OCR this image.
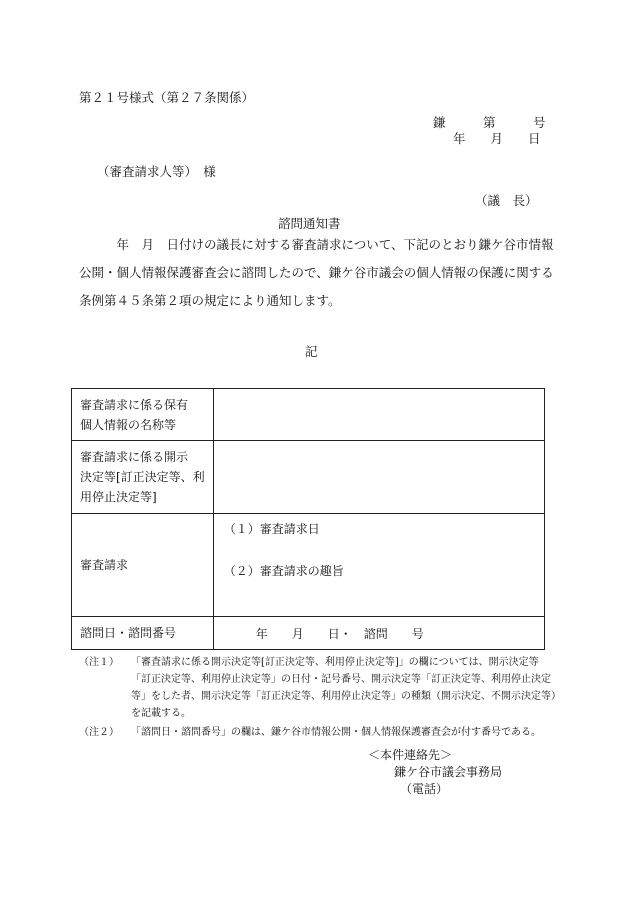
第２１号様式（第２７条関係）
鎌　　　第　　　号
年　　月　　日
（審査請求人等）　様
（議　長）
諮問通知書
　　　年　月　日付けの議長に対する審査請求について、下記のとおり鎌ケ谷市情報
公開・個人情報保護審査会に諮問したので、鎌ケ谷市議会の個人情報の保護に関する
条例第４５条第２項の規定により通知します。
記
審査請求に係る保有
個人情報の名称等	

審査請求に係る開示
決定等[訂正決定等、利
用停止決定等]	

審査請求	（１）審査請求日
（２）審査請求の趣旨

諮問日・諮問番号	年　　月　　日・　諮問　　号
（注１）	「審査請求に係る開示決定等[訂正決定等、利用停止決定等]」の欄については、開示決定等
「訂正決定等、利用停止決定等」の日付・記号番号、開示決定等「訂正決定等、利用停止決定
等」をした者、開示決定等「訂正決定等、利用停止決定等」の種類（開示決定、不開示決定等）
を記載する。
（注２）	「諮問日・諮問番号」の欄は、鎌ケ谷市情報公開・個人情報保護審査会が付す番号である。
＜本件連絡先＞
鎌ケ谷市議会事務局
（電話）
